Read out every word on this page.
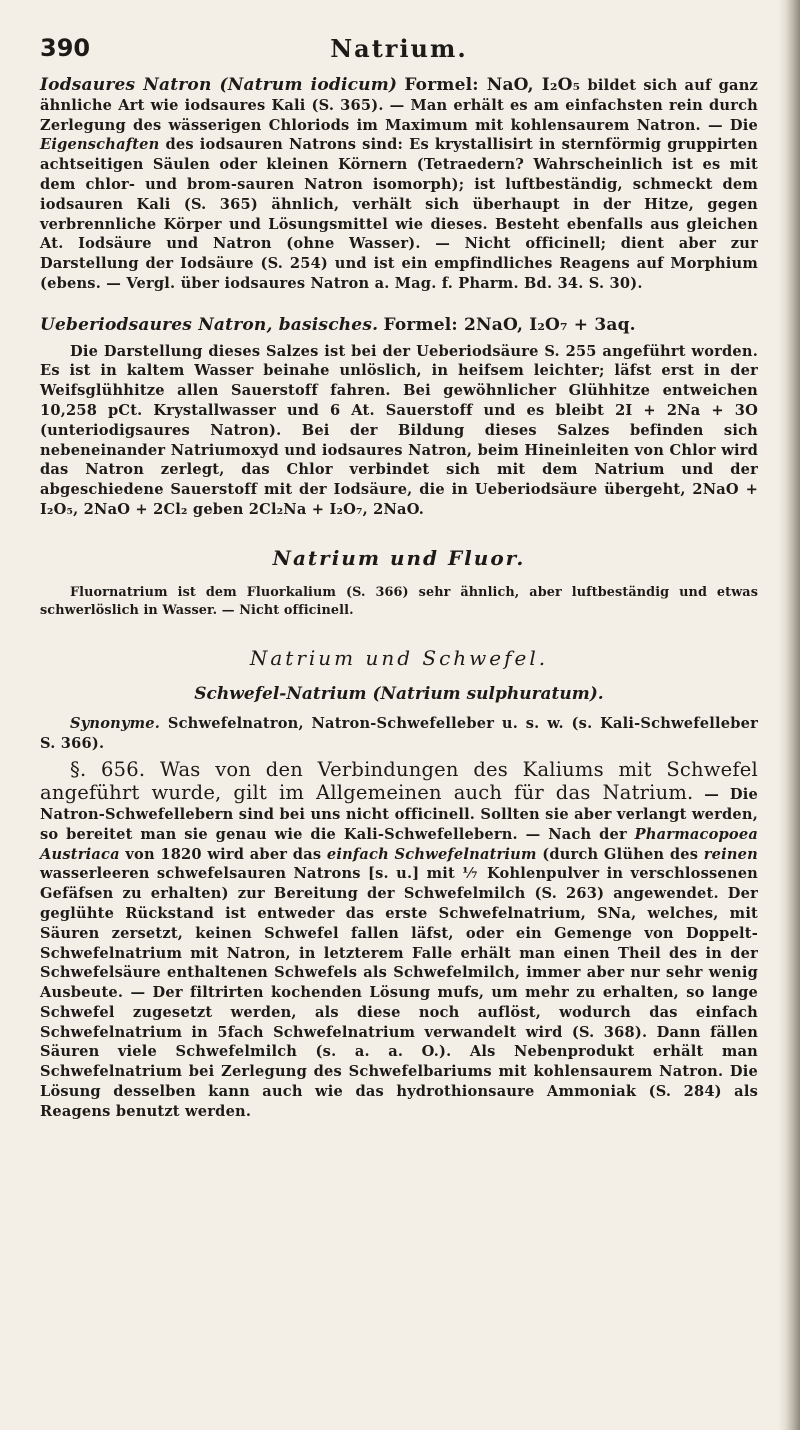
390	Natrium.

Iodsaures Natron (Natrum iodicum) Formel: NaO, I₂O₅ bildet sich auf ganz ähnliche Art wie iodsaures Kali (S. 365). — Man erhält es am einfachsten rein durch Zerlegung des wässerigen Chloriods im Maximum mit kohlensaurem Natron. — Die Eigenschaften des iodsauren Natrons sind: Es krystallisirt in sternförmig gruppirten achtseitigen Säulen oder kleinen Körnern (Tetraedern? Wahrscheinlich ist es mit dem chlor- und brom-sauren Natron isomorph); ist luftbeständig, schmeckt dem iodsauren Kali (S. 365) ähnlich, verhält sich überhaupt in der Hitze, gegen verbrennliche Körper und Lösungsmittel wie dieses. Besteht ebenfalls aus gleichen At. Iodsäure und Natron (ohne Wasser). — Nicht officinell; dient aber zur Darstellung der Iodsäure (S. 254) und ist ein empfindliches Reagens auf Morphium (ebens. — Vergl. über iodsaures Natron a. Mag. f. Pharm. Bd. 34. S. 30).

Ueberiodsaures Natron, basisches. Formel: 2NaO, I₂O₇ + 3aq.

Die Darstellung dieses Salzes ist bei der Ueberiodsäure S. 255 angeführt worden. Es ist in kaltem Wasser beinahe unlöslich, in heifsem leichter; läfst erst in der Weifsglühhitze allen Sauerstoff fahren. Bei gewöhnlicher Glühhitze entweichen 10,258 pCt. Krystallwasser und 6 At. Sauerstoff und es bleibt 2I + 2Na + 3O (unteriodigsaures Natron). Bei der Bildung dieses Salzes befinden sich nebeneinander Natriumoxyd und iodsaures Natron, beim Hineinleiten von Chlor wird das Natron zerlegt, das Chlor verbindet sich mit dem Natrium und der abgeschiedene Sauerstoff mit der Iodsäure, die in Ueberiodsäure übergeht, 2NaO + I₂O₅, 2NaO + 2Cl₂ geben 2Cl₂Na + I₂O₇, 2NaO.

Natrium und Fluor.

Fluornatrium ist dem Fluorkalium (S. 366) sehr ähnlich, aber luftbeständig und etwas schwerlöslich in Wasser. — Nicht officinell.

Natrium und Schwefel.
Schwefel-Natrium (Natrium sulphuratum).

Synonyme. Schwefelnatron, Natron-Schwefelleber u. s. w. (s. Kali-Schwefelleber S. 366).

§. 656. Was von den Verbindungen des Kaliums mit Schwefel angeführt wurde, gilt im Allgemeinen auch für das Natrium. — Die Natron-Schwefellebern sind bei uns nicht officinell. Sollten sie aber verlangt werden, so bereitet man sie genau wie die Kali-Schwefellebern. — Nach der Pharmacopoea Austriaca von 1820 wird aber das einfach Schwefelnatrium (durch Glühen des reinen wasserleeren schwefelsauren Natrons [s. u.] mit ⅐ Kohlenpulver in verschlossenen Gefäfsen zu erhalten) zur Bereitung der Schwefelmilch (S. 263) angewendet. Der geglühte Rückstand ist entweder das erste Schwefelnatrium, SNa, welches, mit Säuren zersetzt, keinen Schwefel fallen läfst, oder ein Gemenge von Doppelt-Schwefelnatrium mit Natron, in letzterem Falle erhält man einen Theil des in der Schwefelsäure enthaltenen Schwefels als Schwefelmilch, immer aber nur sehr wenig Ausbeute. — Der filtrirten kochenden Lösung mufs, um mehr zu erhalten, so lange Schwefel zugesetzt werden, als diese noch auflöst, wodurch das einfach Schwefelnatrium in 5fach Schwefelnatrium verwandelt wird (S. 368). Dann fällen Säuren viele Schwefelmilch (s. a. a. O.). Als Nebenprodukt erhält man Schwefelnatrium bei Zerlegung des Schwefelbariums mit kohlensaurem Natron. Die Lösung desselben kann auch wie das hydrothionsaure Ammoniak (S. 284) als Reagens benutzt werden.
